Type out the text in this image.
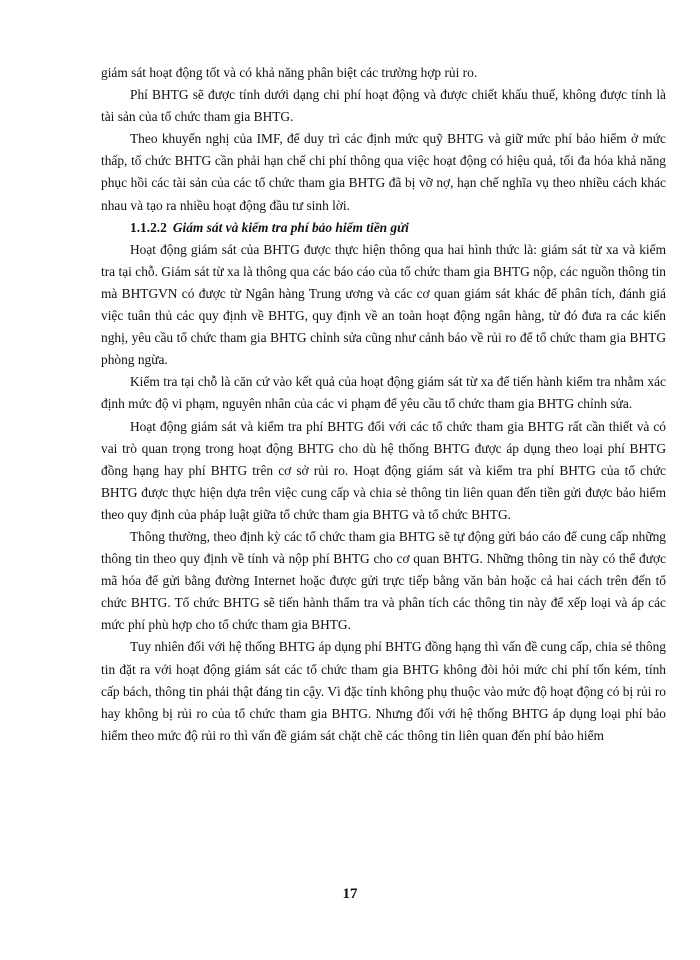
giám sát hoạt động tốt và có khả năng phân biệt các trường hợp rủi ro.

Phí BHTG sẽ được tính dưới dạng chi phí hoạt động và được chiết khấu thuế, không được tính là tài sản của tổ chức tham gia BHTG.

Theo khuyến nghị của IMF, để duy trì các định mức quỹ BHTG và giữ mức phí bảo hiểm ở mức thấp, tổ chức BHTG cần phải hạn chế chi phí thông qua việc hoạt động có hiệu quả, tối đa hóa khả năng phục hồi các tài sản của các tổ chức tham gia BHTG đã bị vỡ nợ, hạn chế nghĩa vụ theo nhiều cách khác nhau và tạo ra nhiều hoạt động đầu tư sinh lời.

1.1.2.2 Giám sát và kiểm tra phí bảo hiểm tiền gửi

Hoạt động giám sát của BHTG được thực hiện thông qua hai hình thức là: giám sát từ xa và kiểm tra tại chỗ. Giám sát từ xa là thông qua các báo cáo của tổ chức tham gia BHTG nộp, các nguồn thông tin mà BHTGVN có được từ Ngân hàng Trung ương và các cơ quan giám sát khác để phân tích, đánh giá việc tuân thủ các quy định về BHTG, quy định về an toàn hoạt động ngân hàng, từ đó đưa ra các kiến nghị, yêu cầu tổ chức tham gia BHTG chỉnh sửa cũng như cảnh báo về rủi ro để tổ chức tham gia BHTG phòng ngừa.

Kiểm tra tại chỗ là căn cứ vào kết quả của hoạt động giám sát từ xa để tiến hành kiểm tra nhằm xác định mức độ vi phạm, nguyên nhân của các vi phạm để yêu cầu tổ chức tham gia BHTG chỉnh sửa.

Hoạt động giám sát và kiểm tra phí BHTG đối với các tổ chức tham gia BHTG rất cần thiết và có vai trò quan trọng trong hoạt động BHTG cho dù hệ thống BHTG được áp dụng theo loại phí BHTG đồng hạng hay phí BHTG trên cơ sở rủi ro. Hoạt động giám sát và kiểm tra phí BHTG của tổ chức BHTG được thực hiện dựa trên việc cung cấp và chia sẻ thông tin liên quan đến tiền gửi được bảo hiểm theo quy định của pháp luật giữa tổ chức tham gia BHTG và tổ chức BHTG.

Thông thường, theo định kỳ các tổ chức tham gia BHTG sẽ tự động gửi báo cáo để cung cấp những thông tin theo quy định về tính và nộp phí BHTG cho cơ quan BHTG. Những thông tin này có thể được mã hóa để gửi bằng đường Internet hoặc được gửi trực tiếp bằng văn bản hoặc cả hai cách trên đến tổ chức BHTG. Tổ chức BHTG sẽ tiến hành thẩm tra và phân tích các thông tin này để xếp loại và áp các mức phí phù hợp cho tổ chức tham gia BHTG.

Tuy nhiên đối với hệ thống BHTG áp dụng phí BHTG đồng hạng thì vấn đề cung cấp, chia sẻ thông tin đặt ra với hoạt động giám sát các tổ chức tham gia BHTG không đòi hỏi mức chi phí tốn kém, tính cấp bách, thông tin phải thật đáng tin cậy. Vì đặc tính không phụ thuộc vào mức độ hoạt động có bị rủi ro hay không bị rủi ro của tổ chức tham gia BHTG. Nhưng đối với hệ thống BHTG áp dụng loại phí bảo hiểm theo mức độ rủi ro thì vấn đề giám sát chặt chẽ các thông tin liên quan đến phí bảo hiểm

17
